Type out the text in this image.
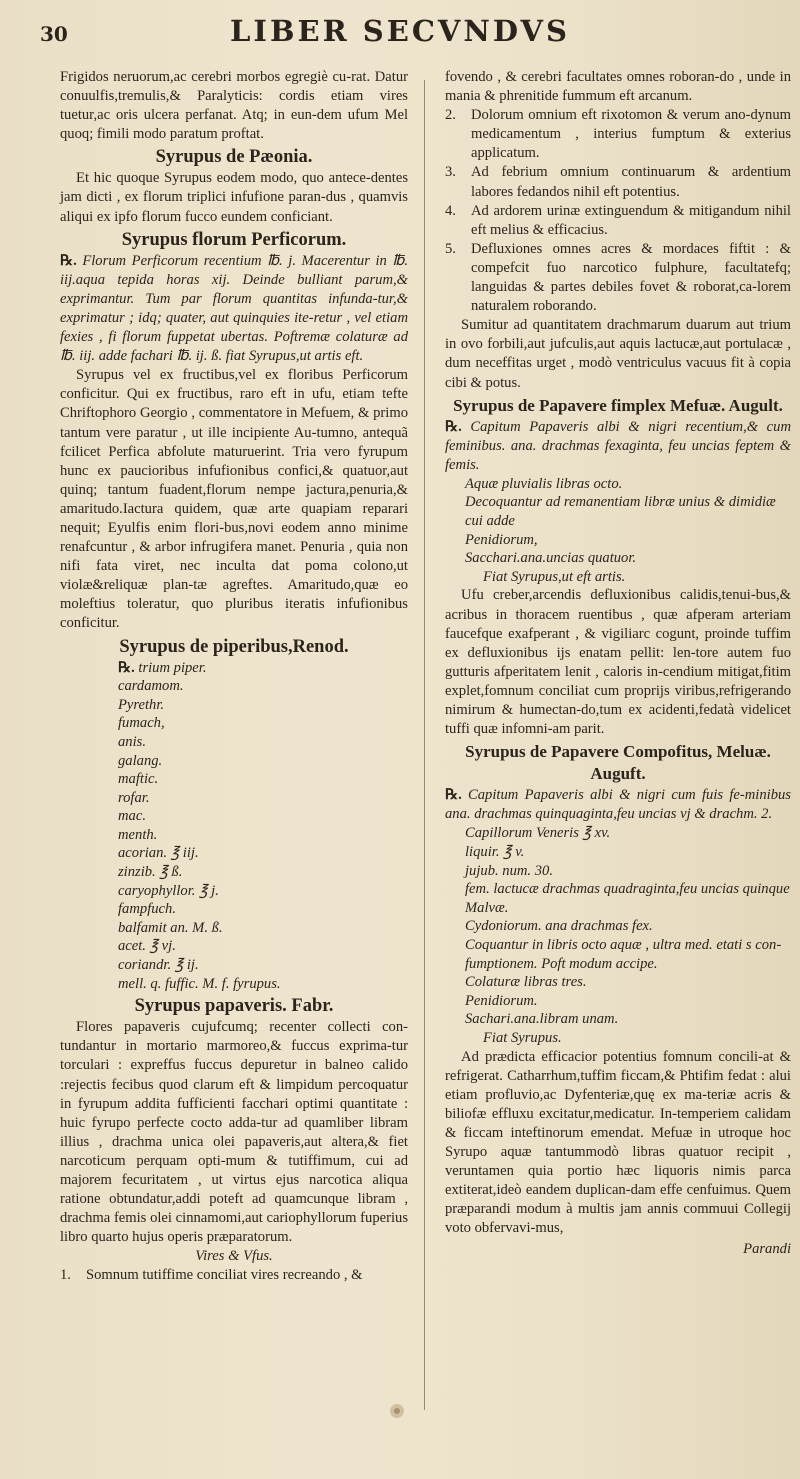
30	LIBER SECVNDVS

Frigidos neruorum,ac cerebri morbos egregiè cu-rat. Datur conuulfis,tremulis,& Paralyticis: cordis etiam vires tuetur,ac oris ulcera perfanat. Atq; in eun-dem ufum Mel quoq; fimili modo paratum proftat.

Syrupus de Pæonia.

Et hic quoque Syrupus eodem modo, quo antece-dentes jam dicti , ex florum triplici infufione paran-dus , quamvis aliqui ex ipfo florum fucco eundem conficiant.

Syrupus florum Perficorum.

℞. Florum Perficorum recentium ℔. j. Macerentur in ℔. iij.aqua tepida horas xij. Deinde bulliant parum,& exprimantur. Tum par florum quantitas infunda-tur,& exprimatur ; idq; quater, aut quinquies ite-retur , vel etiam fexies , fi florum fuppetat ubertas. Poftremæ colaturæ ad ℔. iij. adde fachari ℔. ij. ß. fiat Syrupus,ut artis eft.

Syrupus vel ex fructibus,vel ex floribus Perficorum conficitur. Qui ex fructibus, raro eft in ufu, etiam tefte Chriftophoro Georgio , commentatore in Mefuem, & primo tantum vere paratur , ut ille incipiente Au-tumno, antequã fcilicet Perfica abfolute maturuerint. Tria vero fyrupum hunc ex paucioribus infufionibus confici,& quatuor,aut quinq; tantum fuadent,florum nempe jactura,penuria,& amaritudo.Iactura quidem, quæ arte quapiam reparari nequit; Eyulfis enim flori-bus,novi eodem anno minime renafcuntur , & arbor infrugifera manet. Penuria , quia non nifi fata viret, nec inculta dat poma colono,ut violæ&reliquæ plan-tæ agreftes. Amaritudo,quæ eo moleftius toleratur, quo pluribus iteratis infufionibus conficitur.

Syrupus de piperibus,Renod.

℞. trium piper.

cardamom.

Pyrethr.

fumach,

anis.

galang.

maftic.

rofar.

mac.

menth.

acorian. ℥ iij.

zinzib. ℥ ß.

caryophyllor. ℥ j.

fampfuch.

balfamit an. M. ß.

acet. ℥ vj.

coriandr. ℥ ij.

mell. q. fuffic. M. f. fyrupus.

Syrupus papaveris. Fabr.

Flores papaveris cujufcumq; recenter collecti con-tundantur in mortario marmoreo,& fuccus exprima-tur torculari : expreffus fuccus depuretur in balneo calido :rejectis fecibus quod clarum eft & limpidum percoquatur in fyrupum addita fufficienti facchari optimi quantitate : huic fyrupo perfecte cocto adda-tur ad quamliber libram illius , drachma unica olei papaveris,aut altera,& fiet narcoticum perquam opti-mum & tutiffimum, cui ad majorem fecuritatem , ut virtus ejus narcotica aliqua ratione obtundatur,addi poteft ad quamcunque libram , drachma femis olei cinnamomi,aut cariophyllorum fuperius libro quarto hujus operis præparatorum.

Vires & Vfus.

1.	Somnum tutiffime conciliat vires recreando , &

fovendo , & cerebri facultates omnes roboran-do , unde in mania & phrenitide fummum eft arcanum.

2.	Dolorum omnium eft rixotomon & verum ano-dynum medicamentum , interius fumptum & exterius applicatum.

3.	Ad febrium omnium continuarum & ardentium labores fedandos nihil eft potentius.

4.	Ad ardorem urinæ extinguendum & mitigandum nihil eft melius & efficacius.

5.	Defluxiones omnes acres & mordaces fiftit : & compefcit fuo narcotico fulphure, facultatefq; languidas & partes debiles fovet & roborat,ca-lorem naturalem roborando.

Sumitur ad quantitatem drachmarum duarum aut trium in ovo forbili,aut jufculis,aut aquis lactucæ,aut portulacæ , dum neceffitas urget , modò ventriculus vacuus fit à copia cibi & potus.

Syrupus de Papavere fimplex Mefuæ. Augult.

℞. Capitum Papaveris albi & nigri recentium,& cum feminibus. ana. drachmas fexaginta, feu uncias feptem & femis.

Aquæ pluvialis libras octo.

Decoquantur ad remanentiam libræ unius & dimidiæ cui adde

Penidiorum,

Sacchari.ana.uncias quatuor.

Fiat Syrupus,ut eft artis.

Ufu creber,arcendis defluxionibus calidis,tenui-bus,& acribus in thoracem ruentibus , quæ afperam arteriam faucefque exafperant , & vigiliarc cogunt, proinde tuffim ex defluxionibus ijs enatam pellit: len-tore autem fuo gutturis afperitatem lenit , caloris in-cendium mitigat,fitim explet,fomnum conciliat cum proprijs viribus,refrigerando nimirum & humectan-do,tum ex acidenti,fedatà videlicet tuffi quæ infomni-am parit.

Syrupus de Papavere Compofitus, Meluæ. Auguft.

℞. Capitum Papaveris albi & nigri cum fuis fe-minibus ana. drachmas quinquaginta,feu uncias vj & drachm. 2.

Capillorum Veneris ℥ xv.

liquir. ℥ v.

jujub. num. 30.

fem. lactucæ drachmas quadraginta,feu uncias quinque

Malvæ.

Cydoniorum. ana drachmas fex.

Coquantur in libris octo aquæ , ultra med. etati s con-fumptionem. Poft modum accipe.

Colaturæ libras tres.

Penidiorum.

Sachari.ana.libram unam.

Fiat Syrupus.

Ad prædicta efficacior potentius fomnum concili-at & refrigerat. Catharrhum,tuffim ficcam,& Phtifim fedat : alui etiam profluvio,ac Dyfenteriæ,quę ex ma-teriæ acris & biliofæ effluxu excitatur,medicatur. In-temperiem calidam & ficcam inteftinorum emendat. Mefuæ in utroque hoc Syrupo aquæ tantummodò libras quatuor recipit , veruntamen quia portio hæc liquoris nimis parca extiterat,ideò eandem duplican-dam effe cenfuimus. Quem præparandi modum à multis jam annis commuui Collegij voto obfervavi-mus,

Parandi
